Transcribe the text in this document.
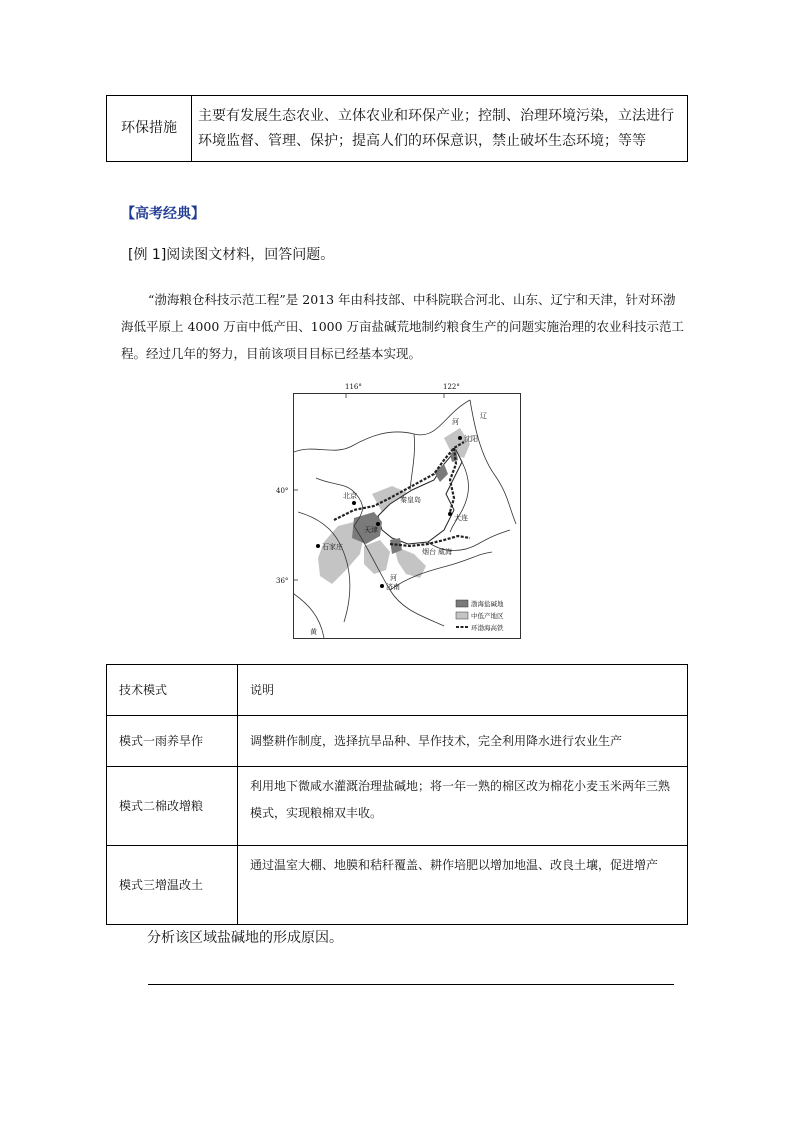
环保措施	主要有发展生态农业、立体农业和环保产业；控制、治理环境污染，立法进行环境监督、管理、保护；提高人们的环保意识，禁止破坏生态环境；等等
【高考经典】
[例 1]阅读图文材料，回答问题。

“渤海粮仓科技示范工程”是 2013 年由科技部、中科院联合河北、山东、辽宁和天津，针对环渤海低平原上 4000 万亩中低产田、1000 万亩盐碱荒地制约粮食生产的问题实施治理的农业科技示范工程。经过几年的努力，目前该项目目标已经基本实现。

116°	122°
40°
36°
沈阳
北京	秦皇岛
大连
天津
石家庄
烟台 威海
济南
河
河
辽
黄
渤海盐碱地
中低产地区
环渤海高铁
技术模式	说明
模式一雨养旱作	调整耕作制度，选择抗旱品种、旱作技术，完全利用降水进行农业生产
模式二棉改增粮	利用地下微咸水灌溉治理盐碱地；将一年一熟的棉区改为棉花小麦玉米两年三熟模式，实现粮棉双丰收。
模式三增温改土	通过温室大棚、地膜和秸秆覆盖、耕作培肥以增加地温、改良土壤，促进增产
分析该区域盐碱地的形成原因。
